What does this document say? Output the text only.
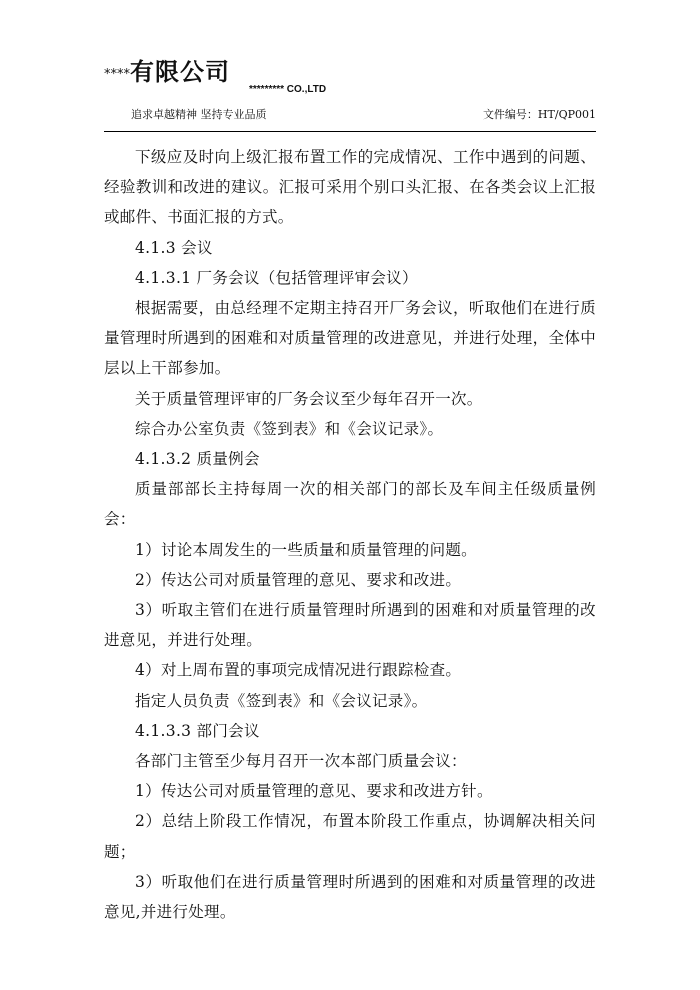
****有限公司
********* CO.,LTD
追求卓越精神 坚持专业品质	文件编号：HT/QP001

下级应及时向上级汇报布置工作的完成情况、工作中遇到的问题、经验教训和改进的建议。汇报可采用个别口头汇报、在各类会议上汇报或邮件、书面汇报的方式。

4.1.3 会议

4.1.3.1 厂务会议（包括管理评审会议）

根据需要，由总经理不定期主持召开厂务会议，听取他们在进行质量管理时所遇到的困难和对质量管理的改进意见，并进行处理，全体中层以上干部参加。

关于质量管理评审的厂务会议至少每年召开一次。

综合办公室负责《签到表》和《会议记录》。

4.1.3.2 质量例会

质量部部长主持每周一次的相关部门的部长及车间主任级质量例会：

1）讨论本周发生的一些质量和质量管理的问题。

2）传达公司对质量管理的意见、要求和改进。

3）听取主管们在进行质量管理时所遇到的困难和对质量管理的改进意见，并进行处理。

4）对上周布置的事项完成情况进行跟踪检查。

指定人员负责《签到表》和《会议记录》。

4.1.3.3 部门会议

各部门主管至少每月召开一次本部门质量会议：

1）传达公司对质量管理的意见、要求和改进方针。

2）总结上阶段工作情况，布置本阶段工作重点，协调解决相关问题；

3）听取他们在进行质量管理时所遇到的困难和对质量管理的改进意见,并进行处理。
